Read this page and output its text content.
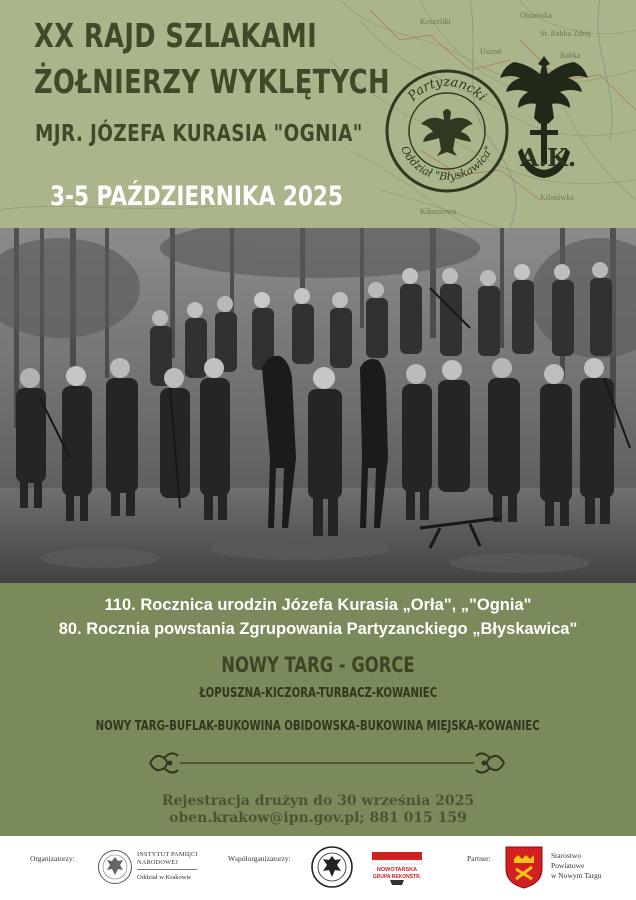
Olszówka
St. Rabka Zdrój
Koszeliki
Ustroń	Rabka
Kikuszowa
Kilotówka
XX RAJD SZLAKAMI
ŻOŁNIERZY WYKLĘTYCH
MJR. JÓZEFA KURASIA "OGNIA"
3-5 PAŹDZIERNIKA 2025
Partyzancki
Oddział "Błyskawica" A.K.
110. Rocznica urodzin Józefa Kurasia „Orła", „"Ognia"
80. Rocznia powstania Zgrupowania Partyzanckiego „Błyskawica"
NOWY TARG - GORCE
ŁOPUSZNA-KICZORA-TURBACZ-KOWANIEC
NOWY TARG-BUFLAK-BUKOWINA OBIDOWSKA-BUKOWINA MIEJSKA-KOWANIEC
Rejestracja drużyn do 30 września 2025
oben.krakow@ipn.gov.pl; 881 015 159
Organizatorzy:	INSTYTUT PAMIĘCI
NARODOWEJ
Oddział w Krakowie
Współorganizatorzy:
NOWOTARSKA
GRUPA REKONSTR.
Partner:	Starostwo
Powiatowe
w Nowym Targu
